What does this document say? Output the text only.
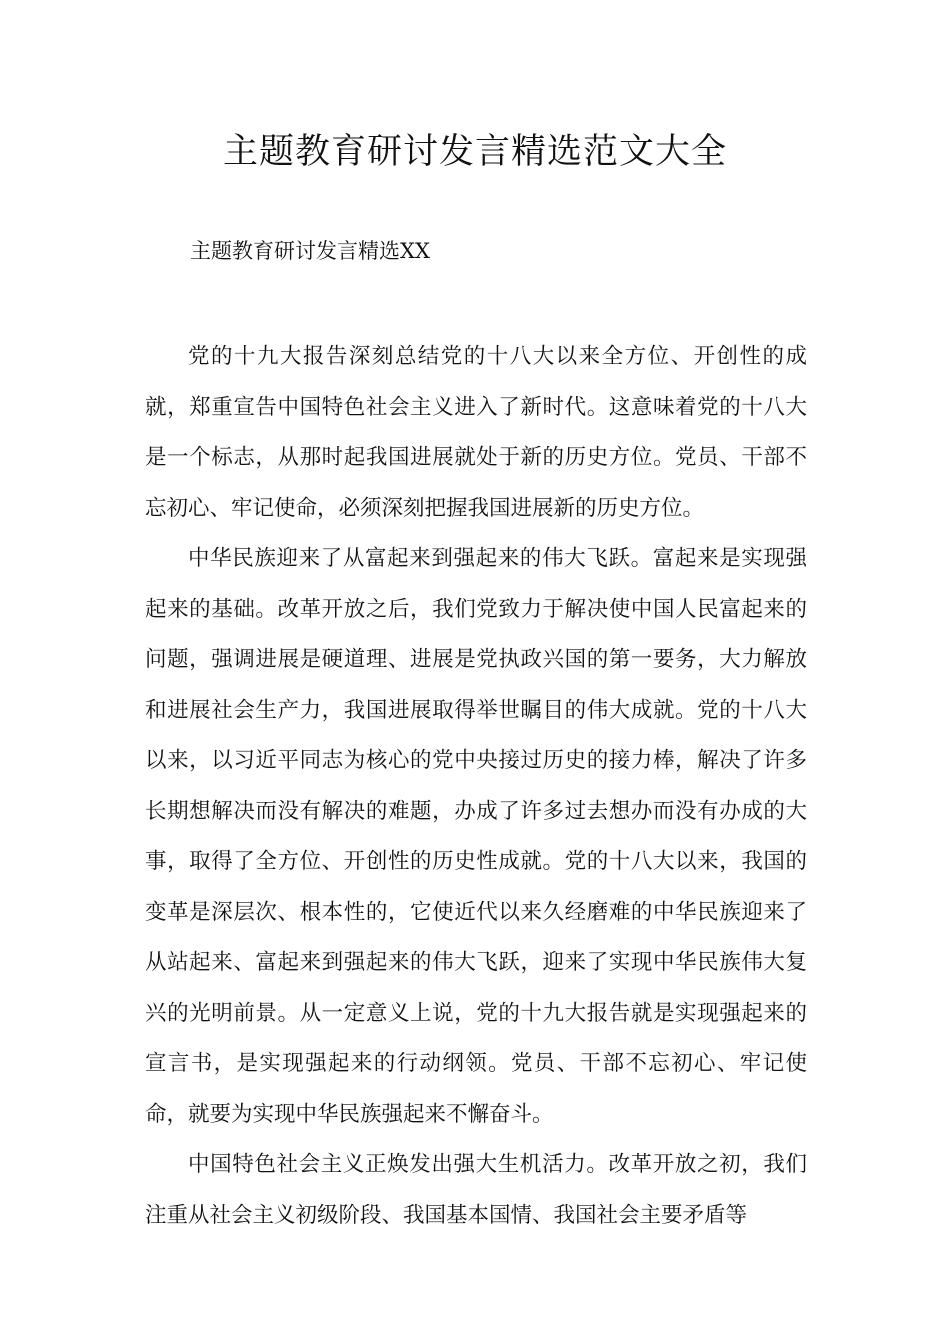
主题教育研讨发言精选范文大全

主题教育研讨发言精选XX

党的十九大报告深刻总结党的十八大以来全方位、开创性的成就，郑重宣告中国特色社会主义进入了新时代。这意味着党的十八大是一个标志，从那时起我国进展就处于新的历史方位。党员、干部不忘初心、牢记使命，必须深刻把握我国进展新的历史方位。

中华民族迎来了从富起来到强起来的伟大飞跃。富起来是实现强起来的基础。改革开放之后，我们党致力于解决使中国人民富起来的问题，强调进展是硬道理、进展是党执政兴国的第一要务，大力解放和进展社会生产力，我国进展取得举世瞩目的伟大成就。党的十八大以来，以习近平同志为核心的党中央接过历史的接力棒，解决了许多长期想解决而没有解决的难题，办成了许多过去想办而没有办成的大事，取得了全方位、开创性的历史性成就。党的十八大以来，我国的变革是深层次、根本性的，它使近代以来久经磨难的中华民族迎来了从站起来、富起来到强起来的伟大飞跃，迎来了实现中华民族伟大复兴的光明前景。从一定意义上说，党的十九大报告就是实现强起来的宣言书，是实现强起来的行动纲领。党员、干部不忘初心、牢记使命，就要为实现中华民族强起来不懈奋斗。

中国特色社会主义正焕发出强大生机活力。改革开放之初，我们注重从社会主义初级阶段、我国基本国情、我国社会主要矛盾等
